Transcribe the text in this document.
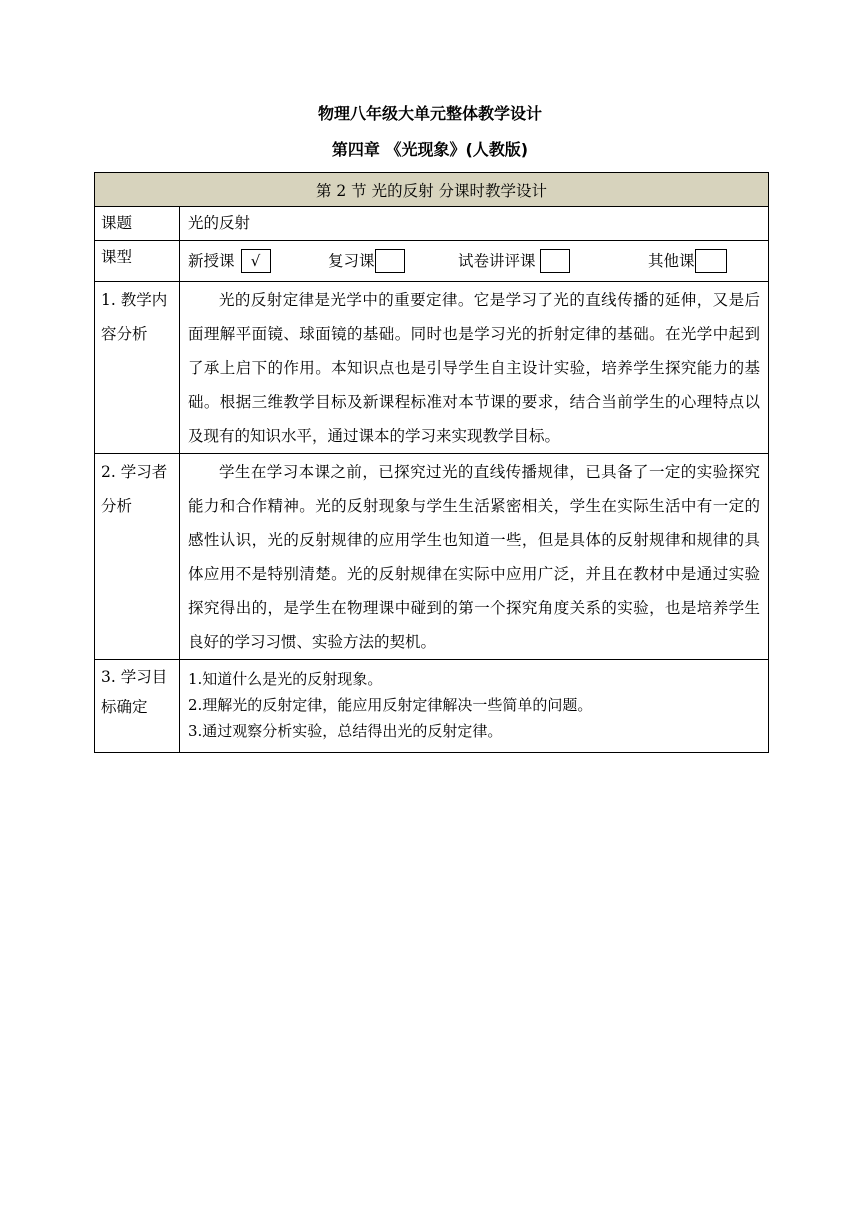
物理八年级大单元整体教学设计
第四章 《光现象》(人教版)
第 2 节 光的反射 分课时教学设计	
课题	光的反射
课型	新授课 √ 复习课 试卷讲评课 其他课

1. 教学内容分析	光的反射定律是光学中的重要定律。它是学习了光的直线传播的延伸，又是后面理解平面镜、球面镜的基础。同时也是学习光的折射定律的基础。在光学中起到了承上启下的作用。本知识点也是引导学生自主设计实验，培养学生探究能力的基础。根据三维教学目标及新课程标准对本节课的要求，结合当前学生的心理特点以及现有的知识水平，通过课本的学习来实现教学目标。

2. 学习者分析	学生在学习本课之前，已探究过光的直线传播规律，已具备了一定的实验探究能力和合作精神。光的反射现象与学生生活紧密相关，学生在实际生活中有一定的感性认识，光的反射规律的应用学生也知道一些，但是具体的反射规律和规律的具体应用不是特别清楚。光的反射规律在实际中应用广泛，并且在教材中是通过实验探究得出的，是学生在物理课中碰到的第一个探究角度关系的实验，也是培养学生良好的学习习惯、实验方法的契机。

3. 学习目标确定	1.知道什么是光的反射现象。

2.理解光的反射定律，能应用反射定律解决一些简单的问题。

3.通过观察分析实验，总结得出光的反射定律。
